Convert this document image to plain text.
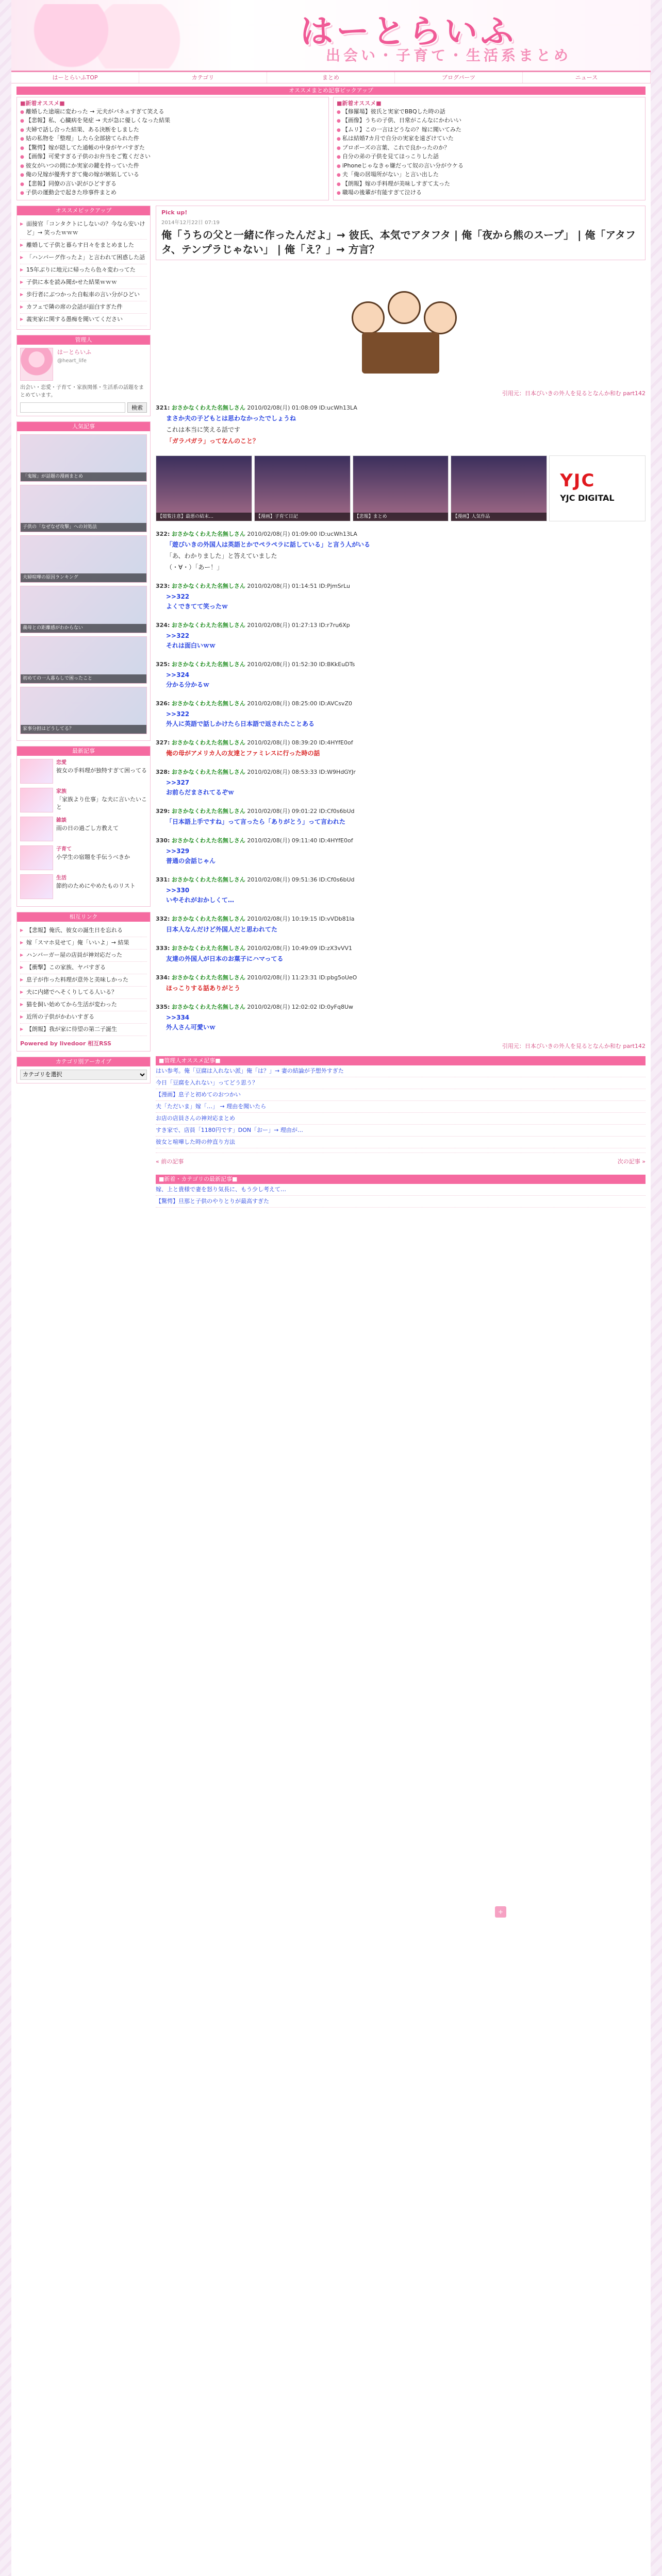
はーとらいふ
出会い・子育て・生活系まとめ
はーとらいふTOP	カテゴリ	まとめ	ブログパーツ	ニュース
オススメまとめ記事ピックアップ
■新着オススメ■
● 離婚した途端に変わった → 元夫がパネェすぎて笑える
● 【悲報】私、心臓病を発症 → 夫が急に優しくなった結果
● 夫婦で話し合った結果、ある決断をしました
● 姑の私物を「整理」したら全部捨てられた件
● 【驚愕】嫁が隠してた通帳の中身がヤバすぎた
● 【画像】可愛すぎる子供のお弁当をご覧ください
● 彼女がいつの間にか実家の鍵を持っていた件
● 俺の兄嫁が優秀すぎて俺の嫁が嫉妬している
● 【悲報】同僚の言い訳がひどすぎる
● 子供の運動会で起きた珍事件まとめ
■新着オススメ■
● 【修羅場】彼氏と実家でBBQした時の話
● 【画像】うちの子供、日常がこんなにかわいい
● 【ムリ】この一言はどうなの？嫁に聞いてみた
● 私は結婚7カ月で自分の実家を遠ざけていた
● プロポーズの言葉、これで良かったのか？
● 自分の弟の子供を見てほっこりした話
● iPhoneじゃなきゃ嫌だって奴の言い分がウケる
● 夫「俺の居場所がない」と言い出した
● 【朗報】嫁の手料理が美味しすぎて太った
● 職場の後輩が有能すぎて泣ける
オススメピックアップ
▶ 面接官「コンタクトにしないの？今なら安いけど」→ 笑ったｗｗｗ
▶ 離婚して子供と暮らす日々をまとめました
▶ 「ハンバーグ作ったよ」と言われて困惑した話
▶ 15年ぶりに地元に帰ったら色々変わってた
▶ 子供に本を読み聞かせた結果ｗｗｗ
▶ 歩行者にぶつかった自転車の言い分がひどい
▶ カフェで隣の席の会話が面白すぎた件
▶ 義実家に関する愚痴を聞いてください
管理人
はーとらいふ
@heart_life
出会い・恋愛・子育て・家族関係・生活系の話題をまとめています。
検索
人気記事
「鬼嫁」が話題の漫画まとめ
子供の「なぜなぜ攻撃」への対処法
夫婦喧嘩の原因ランキング
義母との距離感がわからない
初めての一人暮らしで困ったこと
家事分担はどうしてる？
最新記事
恋愛
彼女の手料理が独特すぎて困ってる
家族
「家族より仕事」な夫に言いたいこと
雑談
雨の日の過ごし方教えて
子育て
小学生の宿題を手伝うべきか
生活
節約のためにやめたものリスト
相互リンク
▶ 【悲報】俺氏、彼女の誕生日を忘れる
▶ 嫁「スマホ見せて」俺「いいよ」→ 結果
▶ ハンバーガー屋の店員が神対応だった
▶ 【衝撃】この家族、ヤバすぎる
▶ 息子が作った料理が意外と美味しかった
▶ 夫に内緒でへそくりしてる人いる？
▶ 猫を飼い始めてから生活が変わった
▶ 近所の子供がかわいすぎる
▶ 【朗報】我が家に待望の第二子誕生
Powered by livedoor 相互RSS
カテゴリ別アーカイブ
カテゴリを選択
Pick up!
2014年12月22日 07:19
俺「うちの父と一緒に作ったんだよ」→ 彼氏、本気でアタフタ | 俺「夜から熊のスープ」 | 俺「アタフタ、テンプラじゃない」 | 俺「え？」→ 方言？
引用元：日本びいきの外人を見るとなんか和む part142
321: おさかなくわえた名無しさん 2010/02/08(月) 01:08:09 ID:ucWh13LA
まさか夫の子どもとは思わなかったでしょうね
これは本当に笑える話です
「ガラパガラ」ってなんのこと？
【閲覧注意】最悪の結末…	【漫画】子育て日記	【悲報】まとめ	【漫画】人気作品
YJC
YJC DIGITAL
322: おさかなくわえた名無しさん 2010/02/08(月) 01:09:00 ID:ucWh13LA
「遊びいきの外国人は英語とかでペラペラに話している」と言う人がいる
「あ、わかりました」と答えていました
（・∀・）「あー！」
323: おさかなくわえた名無しさん 2010/02/08(月) 01:14:51 ID:PjmSrLu
>>322
よくできてて笑ったｗ
324: おさかなくわえた名無しさん 2010/02/08(月) 01:27:13 ID:r7ru6Xp
>>322
それは面白いｗｗ
325: おさかなくわえた名無しさん 2010/02/08(月) 01:52:30 ID:BKkEuDTs
>>324
分かる分かるｗ
326: おさかなくわえた名無しさん 2010/02/08(月) 08:25:00 ID:AVCsvZ0
>>322
外人に英語で話しかけたら日本語で返されたことある
327: おさかなくわえた名無しさん 2010/02/08(月) 08:39:20 ID:4HYfE0of
俺の母がアメリカ人の友達とファミレスに行った時の話
328: おさかなくわえた名無しさん 2010/02/08(月) 08:53:33 ID:W9HdGYJr
>>327
お前らだまされてるぞｗ
329: おさかなくわえた名無しさん 2010/02/08(月) 09:01:22 ID:Cf0s6bUd
「日本語上手ですね」って言ったら「ありがとう」って言われた
330: おさかなくわえた名無しさん 2010/02/08(月) 09:11:40 ID:4HYfE0of
>>329
普通の会話じゃん
331: おさかなくわえた名無しさん 2010/02/08(月) 09:51:36 ID:Cf0s6bUd
>>330
いやそれがおかしくて…
332: おさかなくわえた名無しさん 2010/02/08(月) 10:19:15 ID:vVDb81la
日本人なんだけど外国人だと思われてた
333: おさかなくわえた名無しさん 2010/02/08(月) 10:49:09 ID:zX3vVV1
友達の外国人が日本のお菓子にハマってる
334: おさかなくわえた名無しさん 2010/02/08(月) 11:23:31 ID:pbg5oUeO
ほっこりする話ありがとう
335: おさかなくわえた名無しさん 2010/02/08(月) 12:02:02 ID:0yFq8Uw
>>334
外人さん可愛いｗ
引用元：日本びいきの外人を見るとなんか和む part142
■管理人オススメ記事■
はい参考。俺「豆腐は入れない派」俺「は？」→ 妻の結論が予想外すぎた
今日「豆腐を入れない」ってどう思う？
【漫画】息子と初めてのおつかい
夫「ただいま」嫁「…」 → 理由を聞いたら
お店の店員さんの神対応まとめ
すき家で、店員「1180円です」DON「おー」→ 理由が…
彼女と喧嘩した時の仲直り方法
« 前の記事	次の記事 »
■新着・カテゴリの最新記事■
嫁、上と貴様で妻を怒り気長に、もう少し考えて…
【驚愕】旦那と子供のやりとりが最高すぎた
+
